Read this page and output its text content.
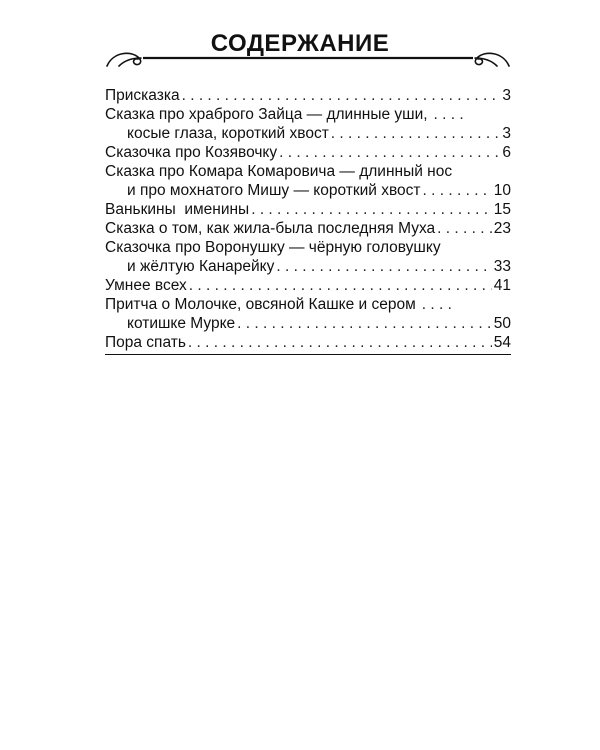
СОДЕРЖАНИЕ
Присказка . . .	3
Сказка про храброго Зайца — длинные уши,
. . . .
косые глаза, короткий хвост . . .	3
Сказочка про Козявочку . . .	6
Сказка про Комара Комаровича — длинный нос
и про мохнатого Мишу — короткий хвост . . .	10
Ванькины  именины . . .	15
Сказка о том, как жила-была последняя Муха . . .	23
Сказочка про Воронушку — чёрную головушку
и жёлтую Канарейку . . .	33
Умнее всех . . .	41
Притча о Молочке, овсяной Кашке и сером
. . . .
котишке Мурке . . .	50
Пора спать . . .	54
